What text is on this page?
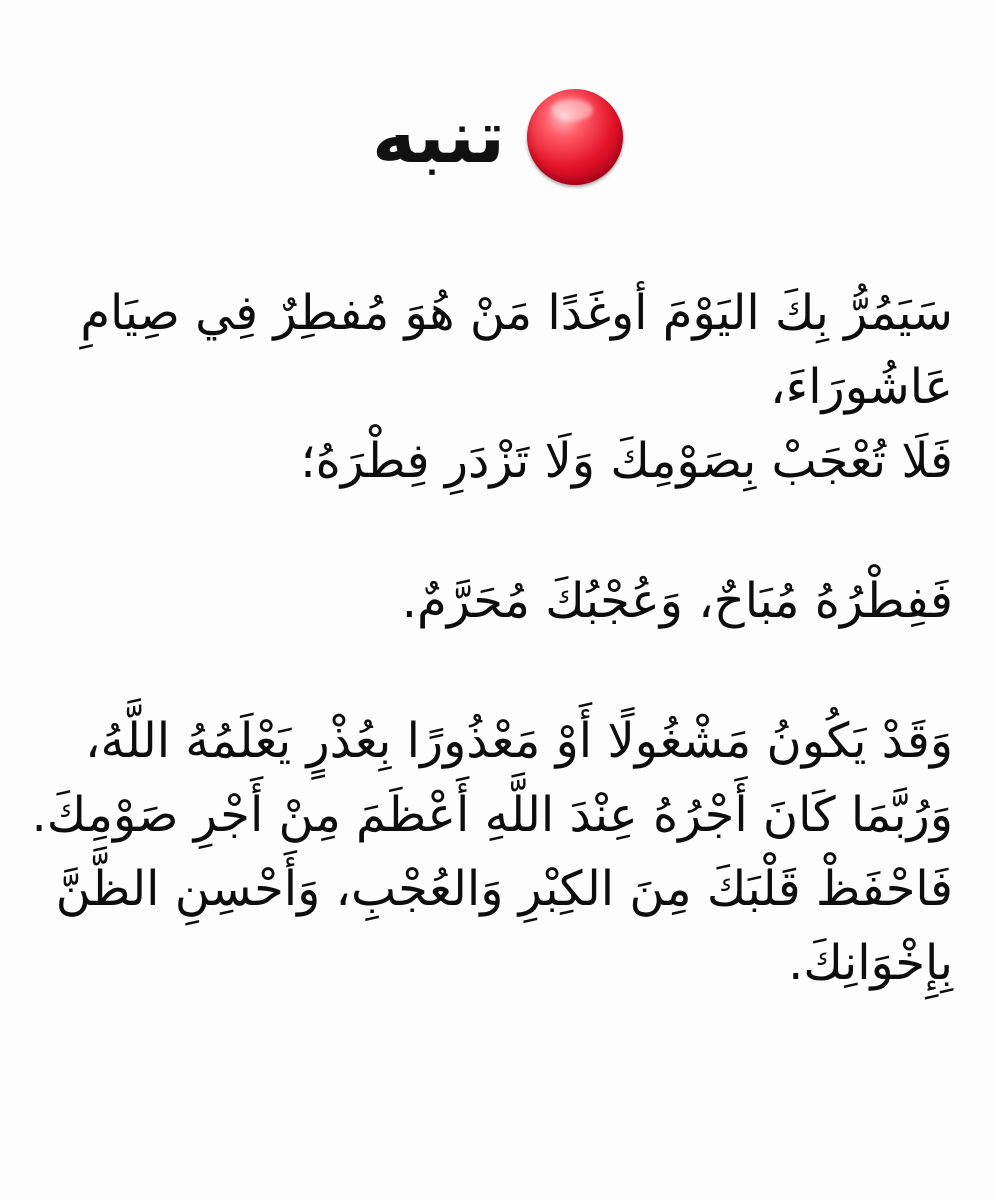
تنبه

سَيَمُرُّ بِكَ اليَوْمَ أوغَدًا مَنْ هُوَ مُفطِرٌ فِي صِيَامِ
عَاشُورَاءَ،
فَلَا تُعْجَبْ بِصَوْمِكَ وَلَا تَزْدَرِ فِطْرَهُ؛

فَفِطْرُهُ مُبَاحٌ، وَعُجْبُكَ مُحَرَّمٌ.

وَقَدْ يَكُونُ مَشْغُولًا أَوْ مَعْذُورًا بِعُذْرٍ يَعْلَمُهُ اللَّهُ،
وَرُبَّمَا كَانَ أَجْرُهُ عِنْدَ اللَّهِ أَعْظَمَ مِنْ أَجْرِ صَوْمِكَ.
فَاحْفَظْ قَلْبَكَ مِنَ الكِبْرِ وَالعُجْبِ، وَأَحْسِنِ الظَّنَّ
بِإِخْوَانِكَ.
